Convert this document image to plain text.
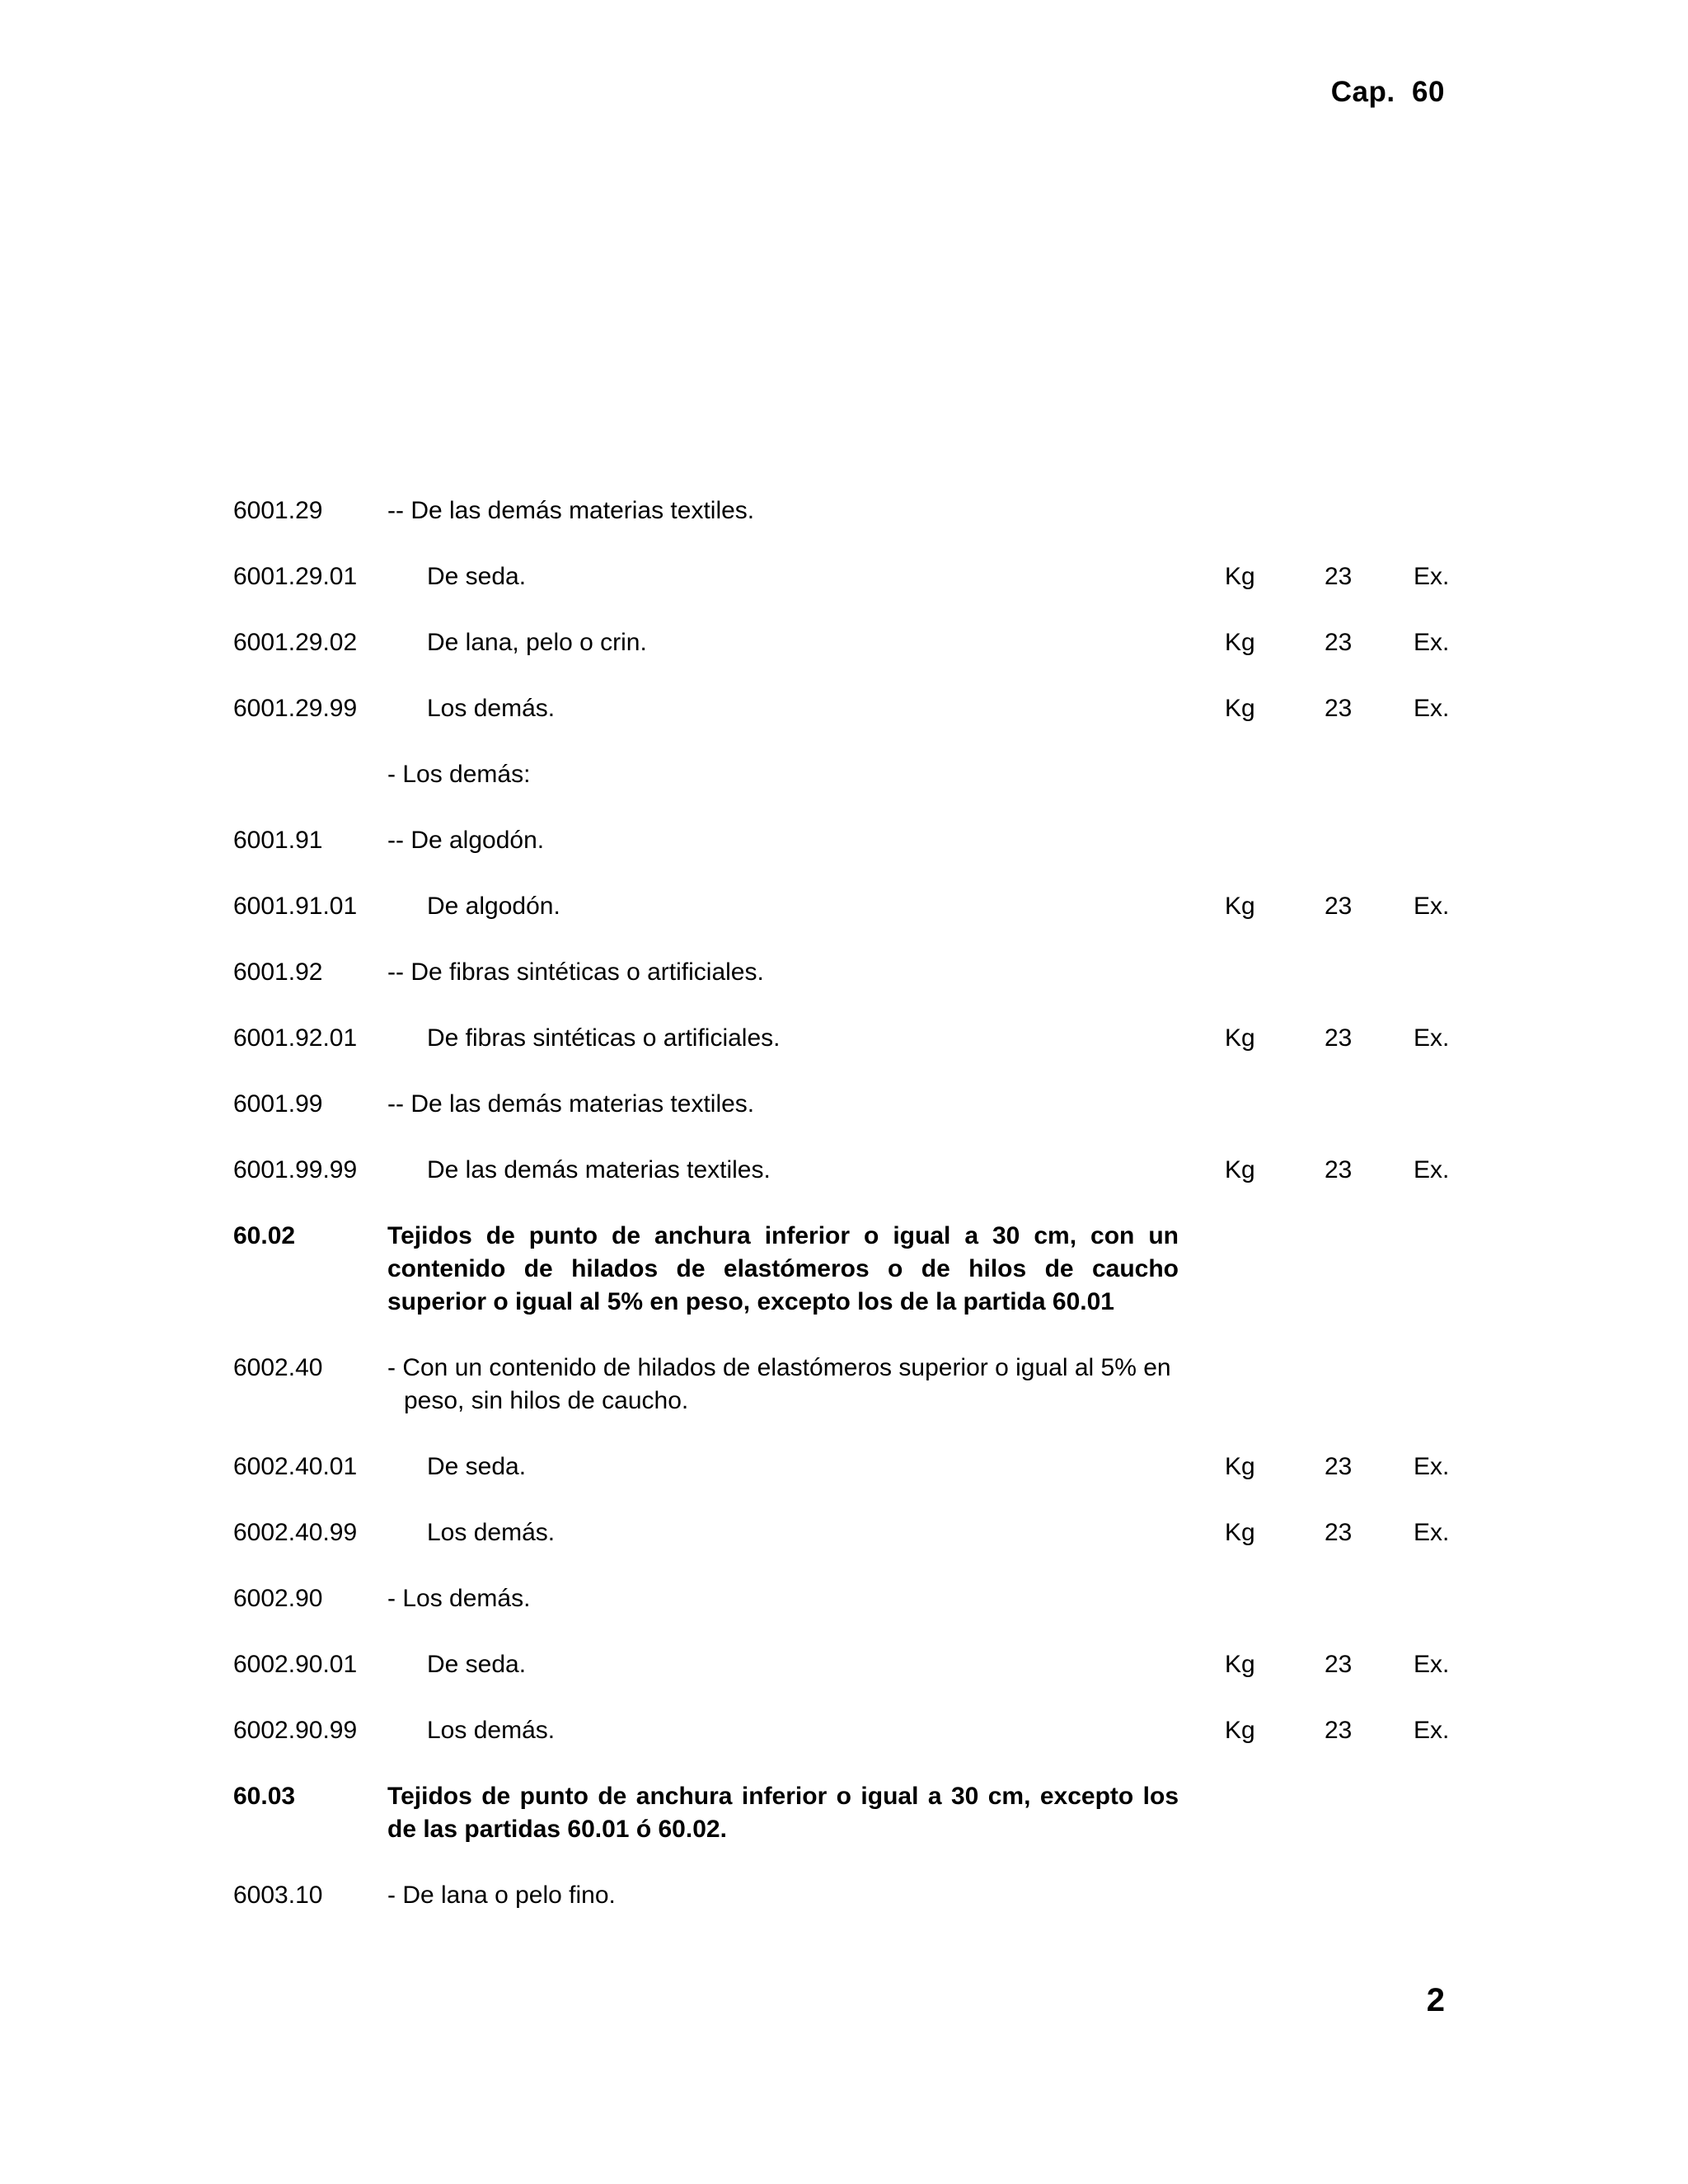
Cap.  60
6001.29	-- De las demás materias textiles.
6001.29.01	De seda.	Kg	23 Ex.
6001.29.02	De lana, pelo o crin.	Kg	23 Ex.
6001.29.99	Los demás.	Kg	23 Ex.
- Los demás:
6001.91	-- De algodón.
6001.91.01	De algodón.	Kg	23 Ex.
6001.92	-- De fibras sintéticas o artificiales.
6001.92.01	De fibras sintéticas o artificiales.	Kg	23 Ex.
6001.99	-- De las demás materias textiles.
6001.99.99	De las demás materias textiles.	Kg	23 Ex.
60.02	Tejidos de punto de anchura inferior o igual a 30 cm, con un contenido de hilados de elastómeros o de hilos de caucho superior o igual al 5% en peso, excepto los de la partida 60.01
6002.40	- Con un contenido de hilados de elastómeros superior o igual al 5% en peso, sin hilos de caucho.
6002.40.01	De seda.	Kg	23 Ex.
6002.40.99	Los demás.	Kg	23 Ex.
6002.90	- Los demás.
6002.90.01	De seda.	Kg	23 Ex.
6002.90.99	Los demás.	Kg	23 Ex.
60.03	Tejidos de punto de anchura inferior o igual a 30 cm, excepto los de las partidas 60.01 ó 60.02.
6003.10	- De lana o pelo fino.
2
